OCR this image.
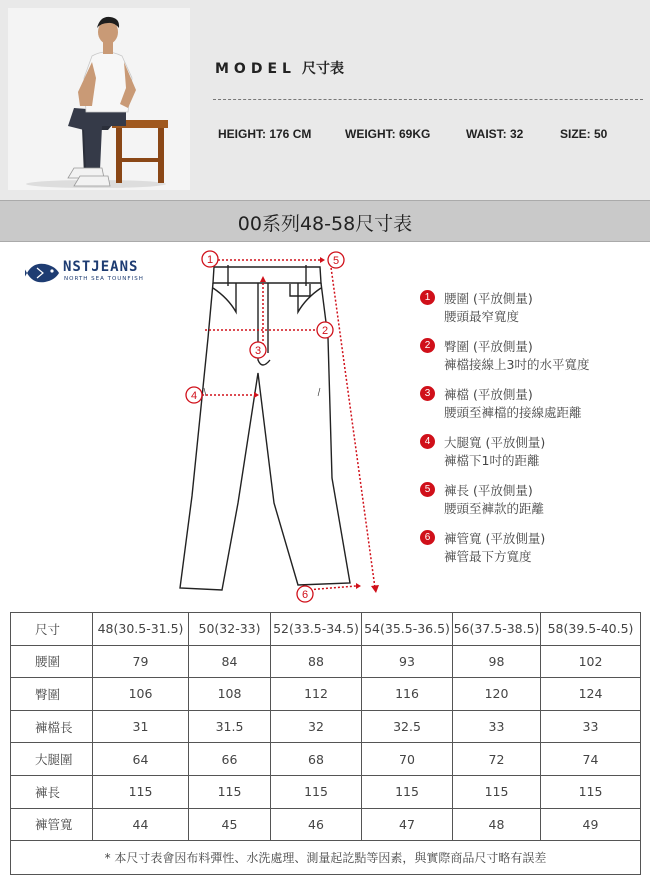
MODEL 尺寸表
HEIGHT: 176 CM	WEIGHT: 69KG	WAIST: 32	SIZE: 50
00系列48-58尺寸表
NSTJEANS
NORTH SEA TOUNFISH
1
2
3
4
5
6
1	腰圍 (平放側量)
腰頭最窄寬度
2	臀圍 (平放側量)
褲檔接線上3吋的水平寬度
3	褲檔 (平放側量)
腰頭至褲檔的接線處距離
4	大腿寬 (平放側量)
褲檔下1吋的距離
5	褲長 (平放側量)
腰頭至褲款的距離
6	褲管寬 (平放側量)
褲管最下方寬度
尺寸	48(30.5-31.5)	50(32-33)	52(33.5-34.5)	54(35.5-36.5)	56(37.5-38.5)	58(39.5-40.5)
腰圍	79	84	88	93	98	102
臀圍	106	108	112	116	120	124
褲檔長	31	31.5	32	32.5	33	33
大腿圍	64	66	68	70	72	74
褲長	115	115	115	115	115	115
褲管寬	44	45	46	47	48	49
* 本尺寸表會因布料彈性、水洗處理、測量起訖點等因素，與實際商品尺寸略有誤差						
